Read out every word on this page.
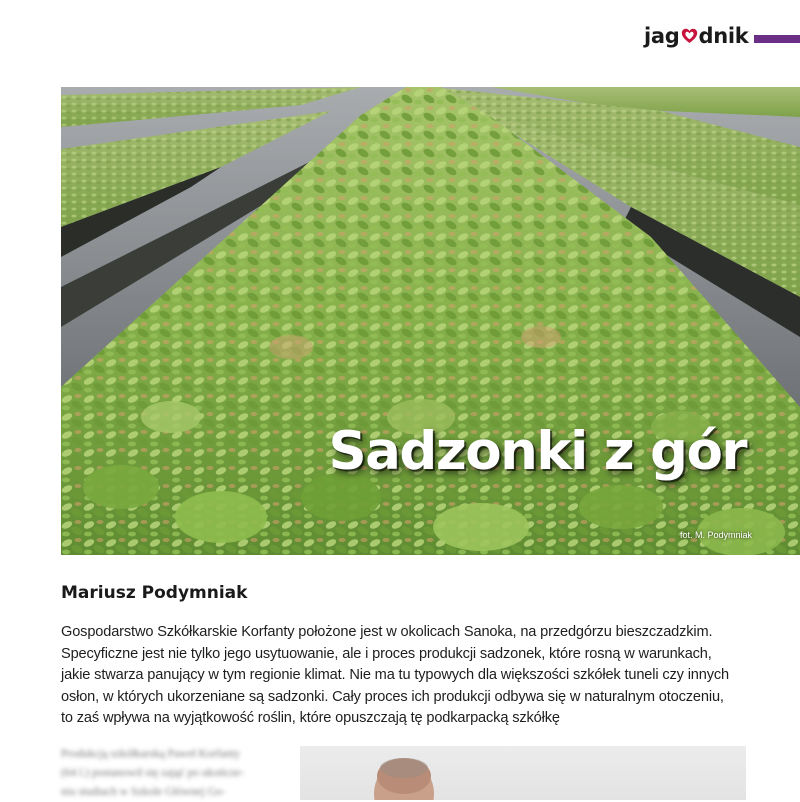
jag dnik
Sadzonki z gór
fot. M. Podymniak
Mariusz Podymniak
Gospodarstwo Szkółkarskie Korfanty położone jest w okolicach Sanoka, na przedgórzu bieszczadzkim.
Specyficzne jest nie tylko jego usytuowanie, ale i proces produkcji sadzonek, które rosną w warunkach,
jakie stwarza panujący w tym regionie klimat. Nie ma tu typowych dla większości szkółek tuneli czy innych
osłon, w których ukorzeniane są sadzonki. Cały proces ich produkcji odbywa się w naturalnym otoczeniu,
to zaś wpływa na wyjątkowość roślin, które opuszczają tę podkarpacką szkółkę
Produkcją szkółkarską Paweł Korfanty
(64 l.) postanowił się zająć po ukończe-
niu studiach w Szkole Głównej Go-
